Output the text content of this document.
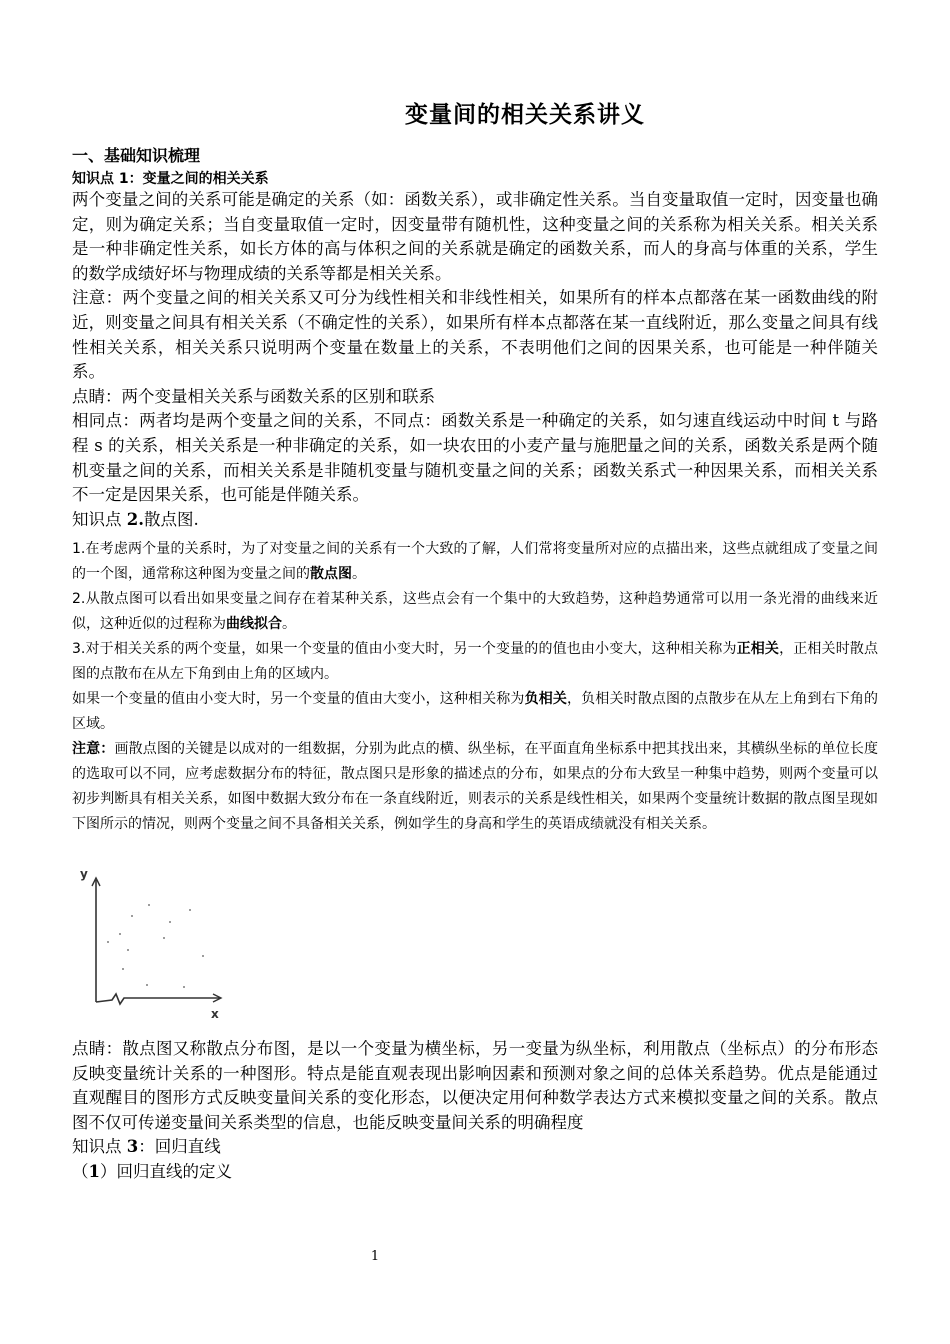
变量间的相关关系讲义
一、基础知识梳理
知识点 1：变量之间的相关关系

两个变量之间的关系可能是确定的关系（如：函数关系），或非确定性关系。当自变量取值一定时，因变量也确定，则为确定关系；当自变量取值一定时，因变量带有随机性，这种变量之间的关系称为相关关系。相关关系是一种非确定性关系，如长方体的高与体积之间的关系就是确定的函数关系，而人的身高与体重的关系，学生的数学成绩好坏与物理成绩的关系等都是相关关系。

注意：两个变量之间的相关关系又可分为线性相关和非线性相关，如果所有的样本点都落在某一函数曲线的附近，则变量之间具有相关关系（不确定性的关系），如果所有样本点都落在某一直线附近，那么变量之间具有线性相关关系，相关关系只说明两个变量在数量上的关系，不表明他们之间的因果关系，也可能是一种伴随关系。

点睛：两个变量相关关系与函数关系的区别和联系

相同点：两者均是两个变量之间的关系，不同点：函数关系是一种确定的关系，如匀速直线运动中时间 t 与路程 s 的关系，相关关系是一种非确定的关系，如一块农田的小麦产量与施肥量之间的关系，函数关系是两个随机变量之间的关系，而相关关系是非随机变量与随机变量之间的关系；函数关系式一种因果关系，而相关关系不一定是因果关系，也可能是伴随关系。

知识点 2.散点图.

1.在考虑两个量的关系时，为了对变量之间的关系有一个大致的了解，人们常将变量所对应的点描出来，这些点就组成了变量之间的一个图，通常称这种图为变量之间的散点图。

2.从散点图可以看出如果变量之间存在着某种关系，这些点会有一个集中的大致趋势，这种趋势通常可以用一条光滑的曲线来近似，这种近似的过程称为曲线拟合。

3.对于相关关系的两个变量，如果一个变量的值由小变大时，另一个变量的的值也由小变大，这种相关称为正相关，正相关时散点图的点散布在从左下角到由上角的区域内。

如果一个变量的值由小变大时，另一个变量的值由大变小，这种相关称为负相关，负相关时散点图的点散步在从左上角到右下角的区域。

注意：画散点图的关键是以成对的一组数据，分别为此点的横、纵坐标，在平面直角坐标系中把其找出来，其横纵坐标的单位长度的选取可以不同，应考虑数据分布的特征，散点图只是形象的描述点的分布，如果点的分布大致呈一种集中趋势，则两个变量可以初步判断具有相关关系，如图中数据大致分布在一条直线附近，则表示的关系是线性相关，如果两个变量统计数据的散点图呈现如下图所示的情况，则两个变量之间不具备相关关系，例如学生的身高和学生的英语成绩就没有相关关系。

y
x

点睛：散点图又称散点分布图，是以一个变量为横坐标，另一变量为纵坐标，利用散点（坐标点）的分布形态反映变量统计关系的一种图形。特点是能直观表现出影响因素和预测对象之间的总体关系趋势。优点是能通过直观醒目的图形方式反映变量间关系的变化形态，以便决定用何种数学表达方式来模拟变量之间的关系。散点图不仅可传递变量间关系类型的信息，也能反映变量间关系的明确程度

知识点 3：回归直线

（1）回归直线的定义

1
